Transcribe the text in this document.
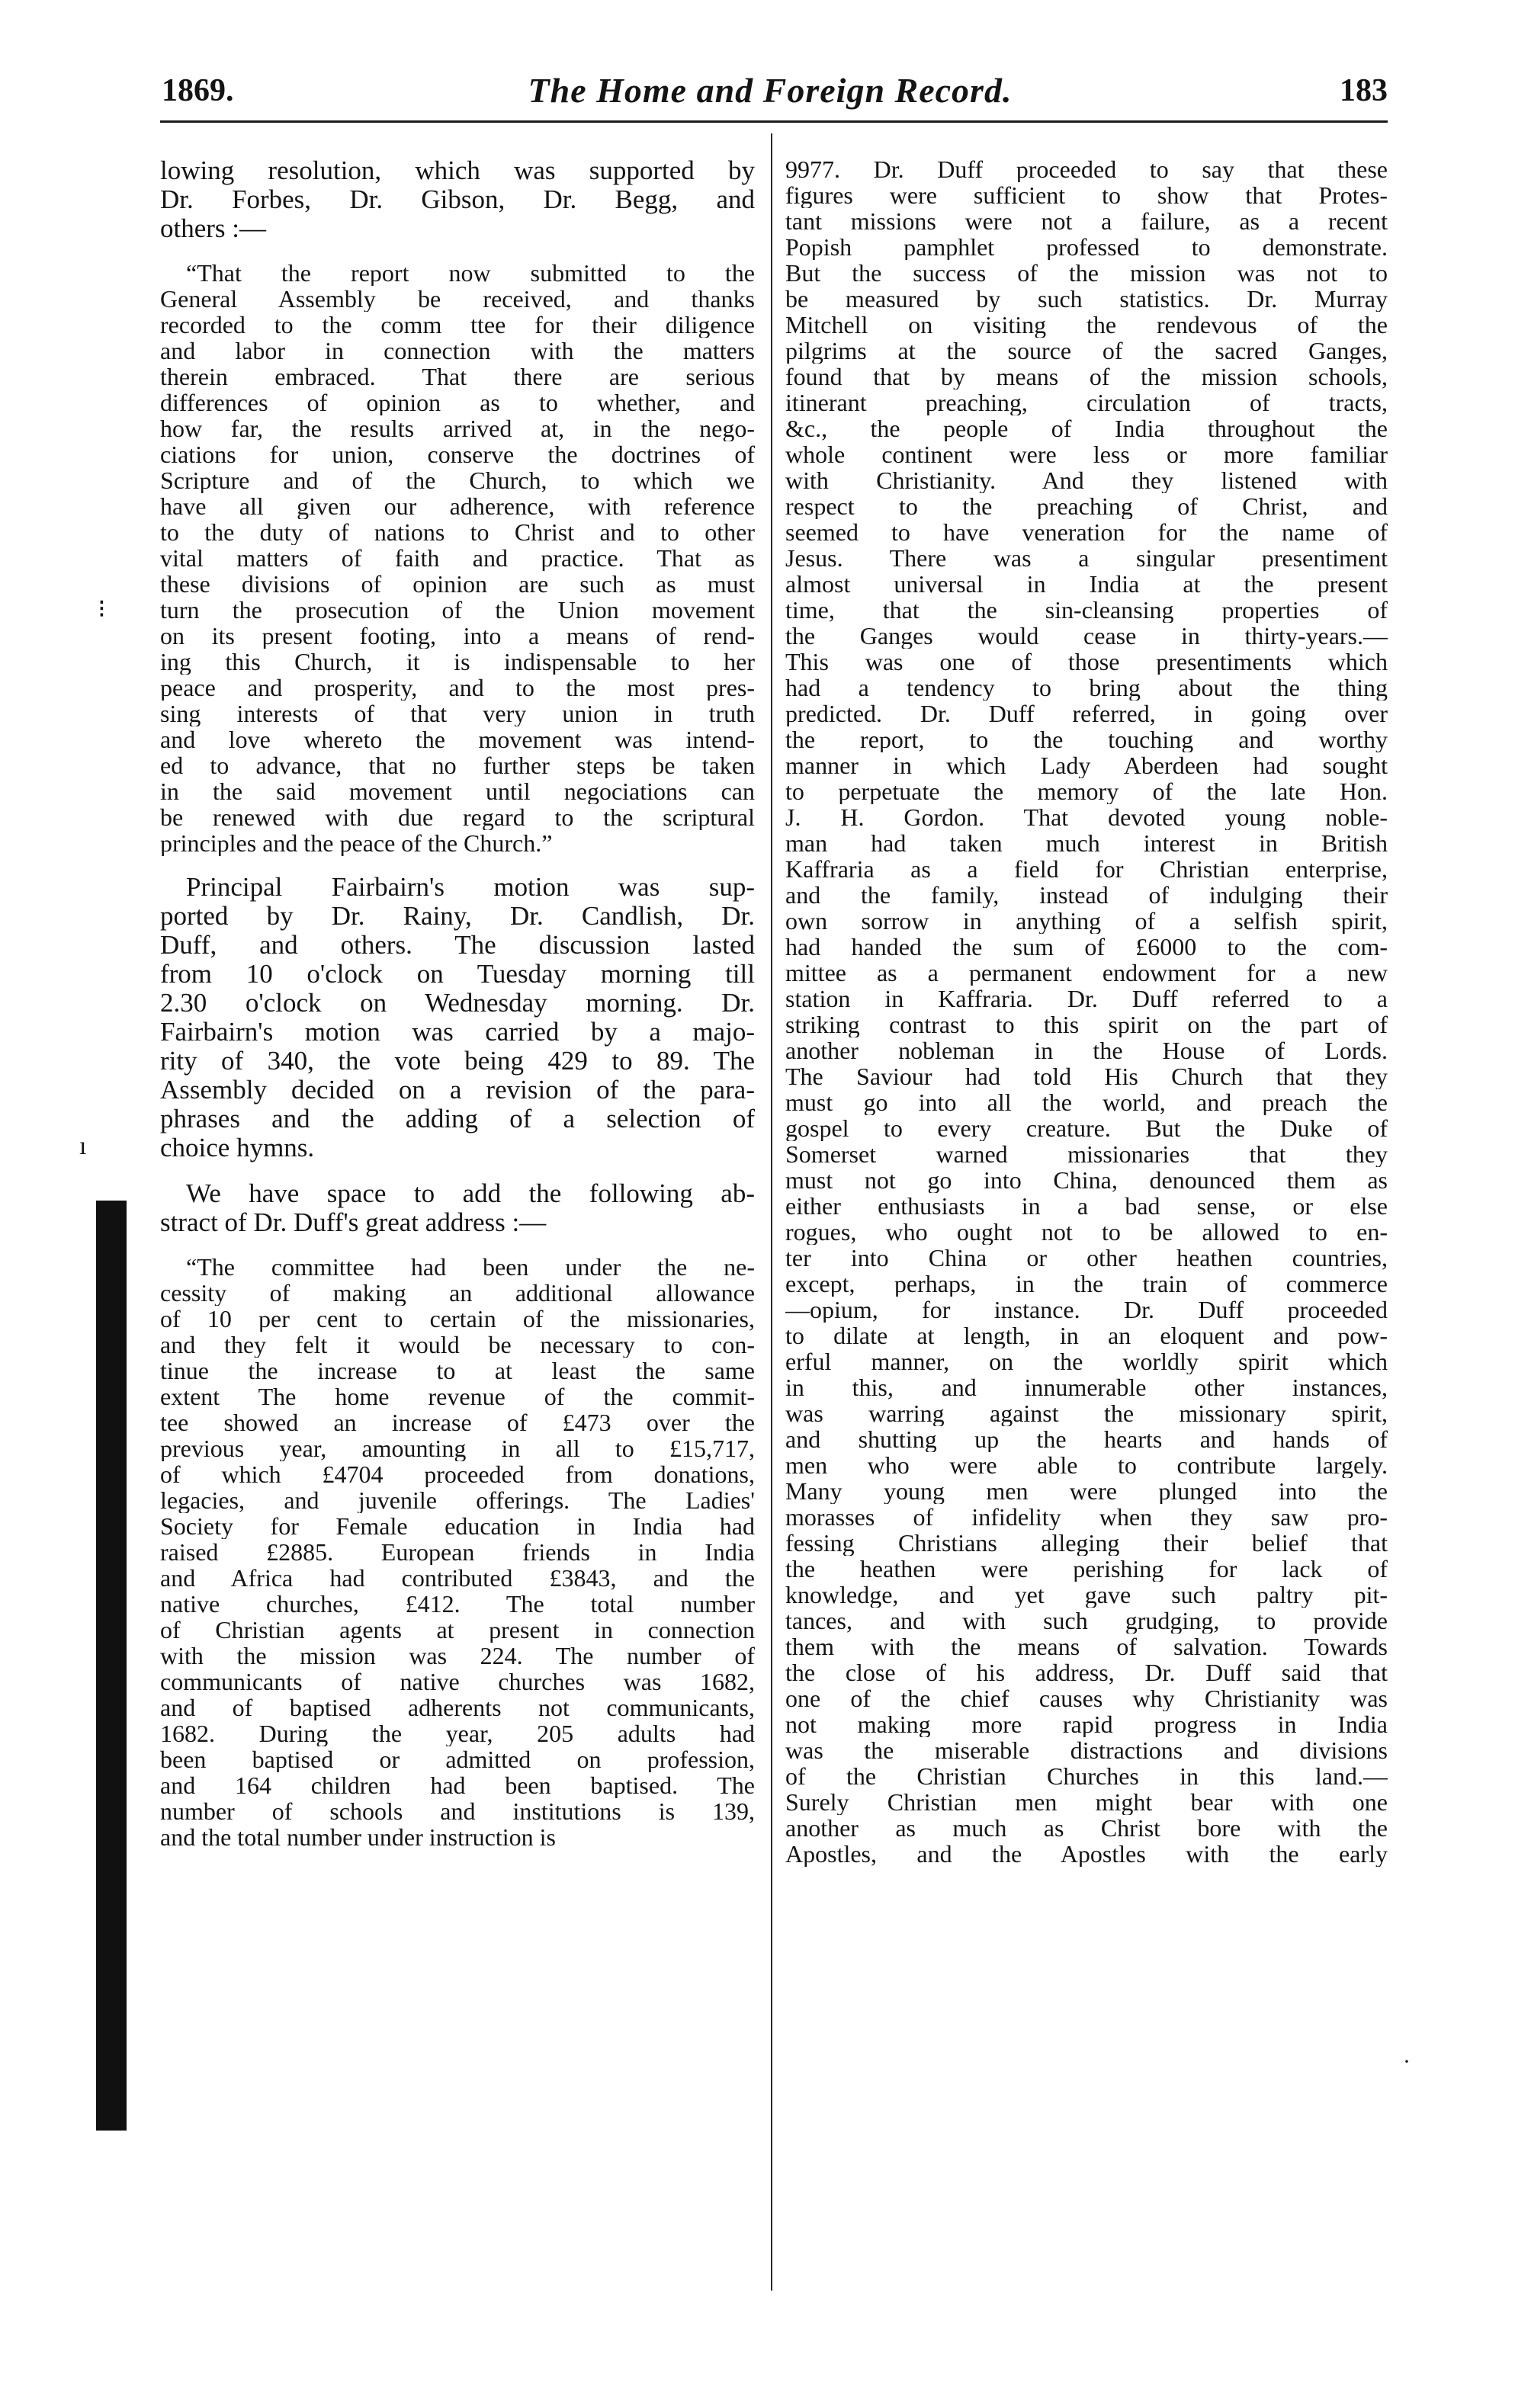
1869.	The Home and Foreign Record.	183
lowing resolution, which was supported by
Dr. Forbes, Dr. Gibson, Dr. Begg, and
others :—
“That the report now submitted to the
General Assembly be received, and thanks
recorded to the comm ttee for their diligence
and labor in connection with the matters
therein embraced. That there are serious
differences of opinion as to whether, and
how far, the results arrived at, in the nego-
ciations for union, conserve the doctrines of
Scripture and of the Church, to which we
have all given our adherence, with reference
to the duty of nations to Christ and to other
vital matters of faith and practice. That as
these divisions of opinion are such as must
turn the prosecution of the Union movement
on its present footing, into a means of rend-
ing this Church, it is indispensable to her
peace and prosperity, and to the most pres-
sing interests of that very union in truth
and love whereto the movement was intend-
ed to advance, that no further steps be taken
in the said movement until negociations can
be renewed with due regard to the scriptural
principles and the peace of the Church.”
Principal Fairbairn's motion was sup-
ported by Dr. Rainy, Dr. Candlish, Dr.
Duff, and others. The discussion lasted
from 10 o'clock on Tuesday morning till
2.30 o'clock on Wednesday morning. Dr.
Fairbairn's motion was carried by a majo-
rity of 340, the vote being 429 to 89. The
Assembly decided on a revision of the para-
phrases and the adding of a selection of
choice hymns.
We have space to add the following ab-
stract of Dr. Duff's great address :—
“The committee had been under the ne-
cessity of making an additional allowance
of 10 per cent to certain of the missionaries,
and they felt it would be necessary to con-
tinue the increase to at least the same
extent The home revenue of the commit-
tee showed an increase of £473 over the
previous year, amounting in all to £15,717,
of which £4704 proceeded from donations,
legacies, and juvenile offerings. The Ladies'
Society for Female education in India had
raised £2885. European friends in India
and Africa had contributed £3843, and the
native churches, £412. The total number
of Christian agents at present in connection
with the mission was 224. The number of
communicants of native churches was 1682,
and of baptised adherents not communicants,
1682. During the year, 205 adults had
been baptised or admitted on profession,
and 164 children had been baptised. The
number of schools and institutions is 139,
and the total number under instruction is
9977. Dr. Duff proceeded to say that these
figures were sufficient to show that Protes-
tant missions were not a failure, as a recent
Popish pamphlet professed to demonstrate.
But the success of the mission was not to
be measured by such statistics. Dr. Murray
Mitchell on visiting the rendevous of the
pilgrims at the source of the sacred Ganges,
found that by means of the mission schools,
itinerant preaching, circulation of tracts,
&c., the people of India throughout the
whole continent were less or more familiar
with Christianity. And they listened with
respect to the preaching of Christ, and
seemed to have veneration for the name of
Jesus. There was a singular presentiment
almost universal in India at the present
time, that the sin-cleansing properties of
the Ganges would cease in thirty-years.—
This was one of those presentiments which
had a tendency to bring about the thing
predicted. Dr. Duff referred, in going over
the report, to the touching and worthy
manner in which Lady Aberdeen had sought
to perpetuate the memory of the late Hon.
J. H. Gordon. That devoted young noble-
man had taken much interest in British
Kaffraria as a field for Christian enterprise,
and the family, instead of indulging their
own sorrow in anything of a selfish spirit,
had handed the sum of £6000 to the com-
mittee as a permanent endowment for a new
station in Kaffraria. Dr. Duff referred to a
striking contrast to this spirit on the part of
another nobleman in the House of Lords.
The Saviour had told His Church that they
must go into all the world, and preach the
gospel to every creature. But the Duke of
Somerset warned missionaries that they
must not go into China, denounced them as
either enthusiasts in a bad sense, or else
rogues, who ought not to be allowed to en-
ter into China or other heathen countries,
except, perhaps, in the train of commerce
—opium, for instance. Dr. Duff proceeded
to dilate at length, in an eloquent and pow-
erful manner, on the worldly spirit which
in this, and innumerable other instances,
was warring against the missionary spirit,
and shutting up the hearts and hands of
men who were able to contribute largely.
Many young men were plunged into the
morasses of infidelity when they saw pro-
fessing Christians alleging their belief that
the heathen were perishing for lack of
knowledge, and yet gave such paltry pit-
tances, and with such grudging, to provide
them with the means of salvation. Towards
the close of his address, Dr. Duff said that
one of the chief causes why Christianity was
not making more rapid progress in India
was the miserable distractions and divisions
of the Christian Churches in this land.—
Surely Christian men might bear with one
another as much as Christ bore with the
Apostles, and the Apostles with the early
⁝
ı
·
